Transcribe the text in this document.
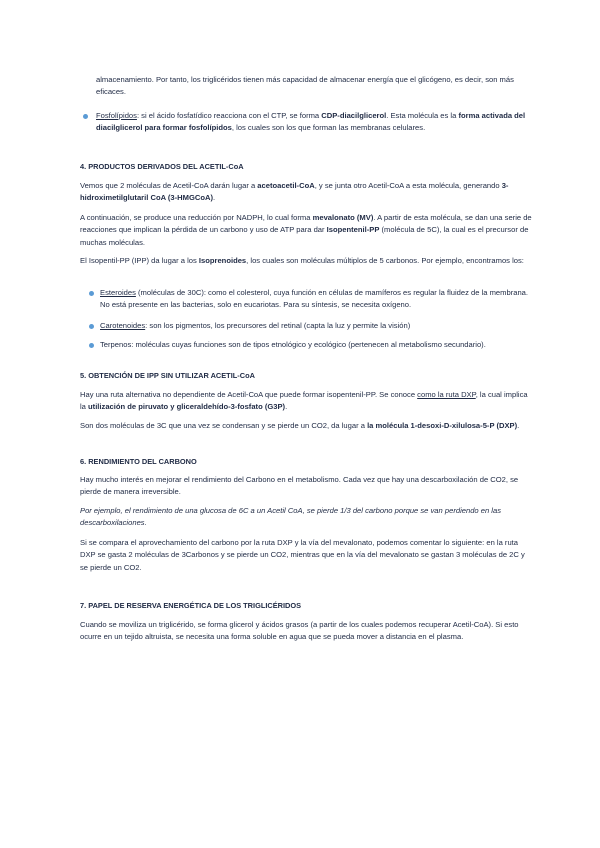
almacenamiento. Por tanto, los triglicéridos tienen más capacidad de almacenar energía que el glicógeno, es decir, son más eficaces.

Fosfolípidos: si el ácido fosfatídico reacciona con el CTP, se forma CDP-diacilglicerol. Esta molécula es la forma activada del diacilglicerol para formar fosfolípidos, los cuales son los que forman las membranas celulares.

4. PRODUCTOS DERIVADOS DEL ACETIL-CoA

Vemos que 2 moléculas de Acetil-CoA darán lugar a acetoacetil-CoA, y se junta otro Acetil-CoA a esta molécula, generando 3-hidroximetilglutaril CoA (3-HMGCoA).

A continuación, se produce una reducción por NADPH, lo cual forma mevalonato (MV). A partir de esta molécula, se dan una serie de reacciones que implican la pérdida de un carbono y uso de ATP para dar Isopentenil-PP (molécula de 5C), la cual es el precursor de muchas moléculas.

El Isopentil-PP (IPP) da lugar a los Isoprenoides, los cuales son moléculas múltiplos de 5 carbonos. Por ejemplo, encontramos los:

Esteroides (moléculas de 30C): como el colesterol, cuya función en células de mamíferos es regular la fluidez de la membrana. No está presente en las bacterias, solo en eucariotas. Para su síntesis, se necesita oxígeno.

Carotenoides: son los pigmentos, los precursores del retinal (capta la luz y permite la visión)

Terpenos: moléculas cuyas funciones son de tipos etnológico y ecológico (pertenecen al metabolismo secundario).

5. OBTENCIÓN DE IPP SIN UTILIZAR ACETIL-CoA

Hay una ruta alternativa no dependiente de Acetil-CoA que puede formar isopentenil-PP. Se conoce como la ruta DXP, la cual implica la utilización de piruvato y gliceraldehído-3-fosfato (G3P).

Son dos moléculas de 3C que una vez se condensan y se pierde un CO2, da lugar a la molécula 1-desoxi-D-xilulosa-5-P (DXP).

6. RENDIMIENTO DEL CARBONO

Hay mucho interés en mejorar el rendimiento del Carbono en el metabolismo. Cada vez que hay una descarboxilación de CO2, se pierde de manera irreversible.

Por ejemplo, el rendimiento de una glucosa de 6C a un Acetil CoA, se pierde 1/3 del carbono porque se van perdiendo en las descarboxilaciones.

Si se compara el aprovechamiento del carbono por la ruta DXP y la vía del mevalonato, podemos comentar lo siguiente: en la ruta DXP se gasta 2 moléculas de 3Carbonos y se pierde un CO2, mientras que en la vía del mevalonato se gastan 3 moléculas de 2C y se pierde un CO2.

7. PAPEL DE RESERVA ENERGÉTICA DE LOS TRIGLICÉRIDOS

Cuando se moviliza un triglicérido, se forma glicerol y ácidos grasos (a partir de los cuales podemos recuperar Acetil-CoA). Si esto ocurre en un tejido altruista, se necesita una forma soluble en agua que se pueda mover a distancia en el plasma.
